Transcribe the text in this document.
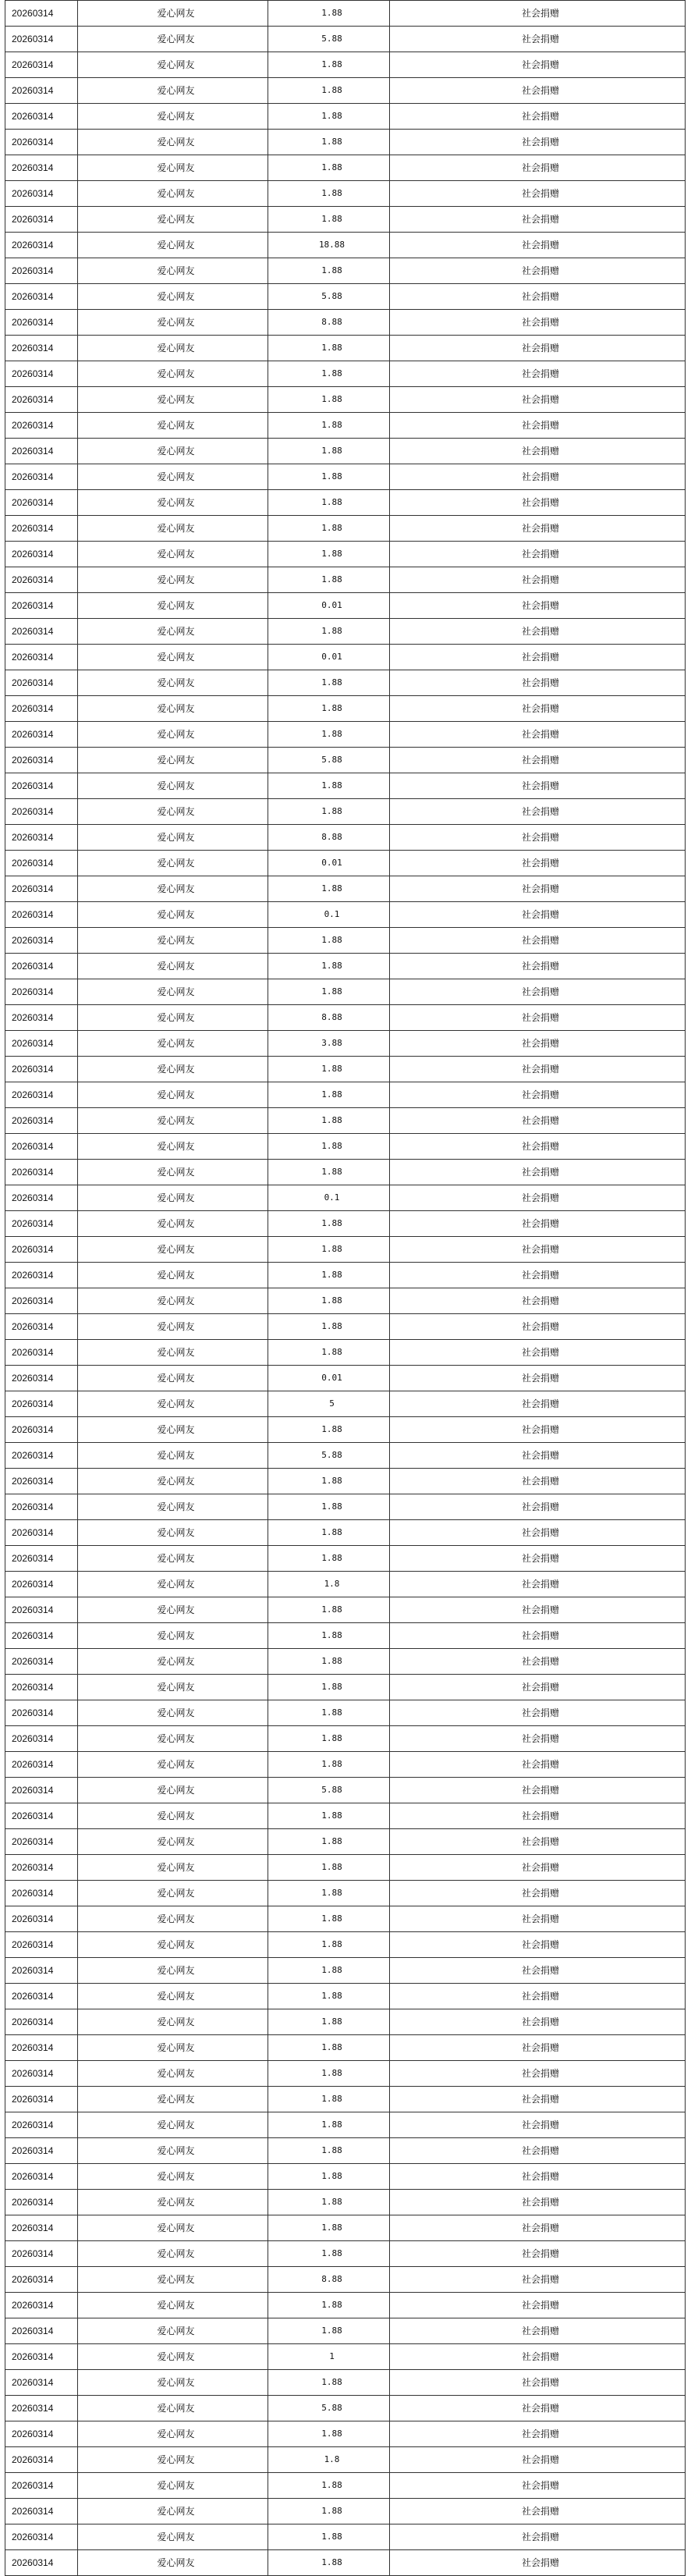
20260314	爱心网友	1.88	社会捐赠
20260314	爱心网友	5.88	社会捐赠
20260314	爱心网友	1.88	社会捐赠
20260314	爱心网友	1.88	社会捐赠
20260314	爱心网友	1.88	社会捐赠
20260314	爱心网友	1.88	社会捐赠
20260314	爱心网友	1.88	社会捐赠
20260314	爱心网友	1.88	社会捐赠
20260314	爱心网友	1.88	社会捐赠
20260314	爱心网友	18.88	社会捐赠
20260314	爱心网友	1.88	社会捐赠
20260314	爱心网友	5.88	社会捐赠
20260314	爱心网友	8.88	社会捐赠
20260314	爱心网友	1.88	社会捐赠
20260314	爱心网友	1.88	社会捐赠
20260314	爱心网友	1.88	社会捐赠
20260314	爱心网友	1.88	社会捐赠
20260314	爱心网友	1.88	社会捐赠
20260314	爱心网友	1.88	社会捐赠
20260314	爱心网友	1.88	社会捐赠
20260314	爱心网友	1.88	社会捐赠
20260314	爱心网友	1.88	社会捐赠
20260314	爱心网友	1.88	社会捐赠
20260314	爱心网友	0.01	社会捐赠
20260314	爱心网友	1.88	社会捐赠
20260314	爱心网友	0.01	社会捐赠
20260314	爱心网友	1.88	社会捐赠
20260314	爱心网友	1.88	社会捐赠
20260314	爱心网友	1.88	社会捐赠
20260314	爱心网友	5.88	社会捐赠
20260314	爱心网友	1.88	社会捐赠
20260314	爱心网友	1.88	社会捐赠
20260314	爱心网友	8.88	社会捐赠
20260314	爱心网友	0.01	社会捐赠
20260314	爱心网友	1.88	社会捐赠
20260314	爱心网友	0.1	社会捐赠
20260314	爱心网友	1.88	社会捐赠
20260314	爱心网友	1.88	社会捐赠
20260314	爱心网友	1.88	社会捐赠
20260314	爱心网友	8.88	社会捐赠
20260314	爱心网友	3.88	社会捐赠
20260314	爱心网友	1.88	社会捐赠
20260314	爱心网友	1.88	社会捐赠
20260314	爱心网友	1.88	社会捐赠
20260314	爱心网友	1.88	社会捐赠
20260314	爱心网友	1.88	社会捐赠
20260314	爱心网友	0.1	社会捐赠
20260314	爱心网友	1.88	社会捐赠
20260314	爱心网友	1.88	社会捐赠
20260314	爱心网友	1.88	社会捐赠
20260314	爱心网友	1.88	社会捐赠
20260314	爱心网友	1.88	社会捐赠
20260314	爱心网友	1.88	社会捐赠
20260314	爱心网友	0.01	社会捐赠
20260314	爱心网友	5	社会捐赠
20260314	爱心网友	1.88	社会捐赠
20260314	爱心网友	5.88	社会捐赠
20260314	爱心网友	1.88	社会捐赠
20260314	爱心网友	1.88	社会捐赠
20260314	爱心网友	1.88	社会捐赠
20260314	爱心网友	1.88	社会捐赠
20260314	爱心网友	1.8	社会捐赠
20260314	爱心网友	1.88	社会捐赠
20260314	爱心网友	1.88	社会捐赠
20260314	爱心网友	1.88	社会捐赠
20260314	爱心网友	1.88	社会捐赠
20260314	爱心网友	1.88	社会捐赠
20260314	爱心网友	1.88	社会捐赠
20260314	爱心网友	1.88	社会捐赠
20260314	爱心网友	5.88	社会捐赠
20260314	爱心网友	1.88	社会捐赠
20260314	爱心网友	1.88	社会捐赠
20260314	爱心网友	1.88	社会捐赠
20260314	爱心网友	1.88	社会捐赠
20260314	爱心网友	1.88	社会捐赠
20260314	爱心网友	1.88	社会捐赠
20260314	爱心网友	1.88	社会捐赠
20260314	爱心网友	1.88	社会捐赠
20260314	爱心网友	1.88	社会捐赠
20260314	爱心网友	1.88	社会捐赠
20260314	爱心网友	1.88	社会捐赠
20260314	爱心网友	1.88	社会捐赠
20260314	爱心网友	1.88	社会捐赠
20260314	爱心网友	1.88	社会捐赠
20260314	爱心网友	1.88	社会捐赠
20260314	爱心网友	1.88	社会捐赠
20260314	爱心网友	1.88	社会捐赠
20260314	爱心网友	1.88	社会捐赠
20260314	爱心网友	8.88	社会捐赠
20260314	爱心网友	1.88	社会捐赠
20260314	爱心网友	1.88	社会捐赠
20260314	爱心网友	1	社会捐赠
20260314	爱心网友	1.88	社会捐赠
20260314	爱心网友	5.88	社会捐赠
20260314	爱心网友	1.88	社会捐赠
20260314	爱心网友	1.8	社会捐赠
20260314	爱心网友	1.88	社会捐赠
20260314	爱心网友	1.88	社会捐赠
20260314	爱心网友	1.88	社会捐赠
20260314	爱心网友	1.88	社会捐赠
